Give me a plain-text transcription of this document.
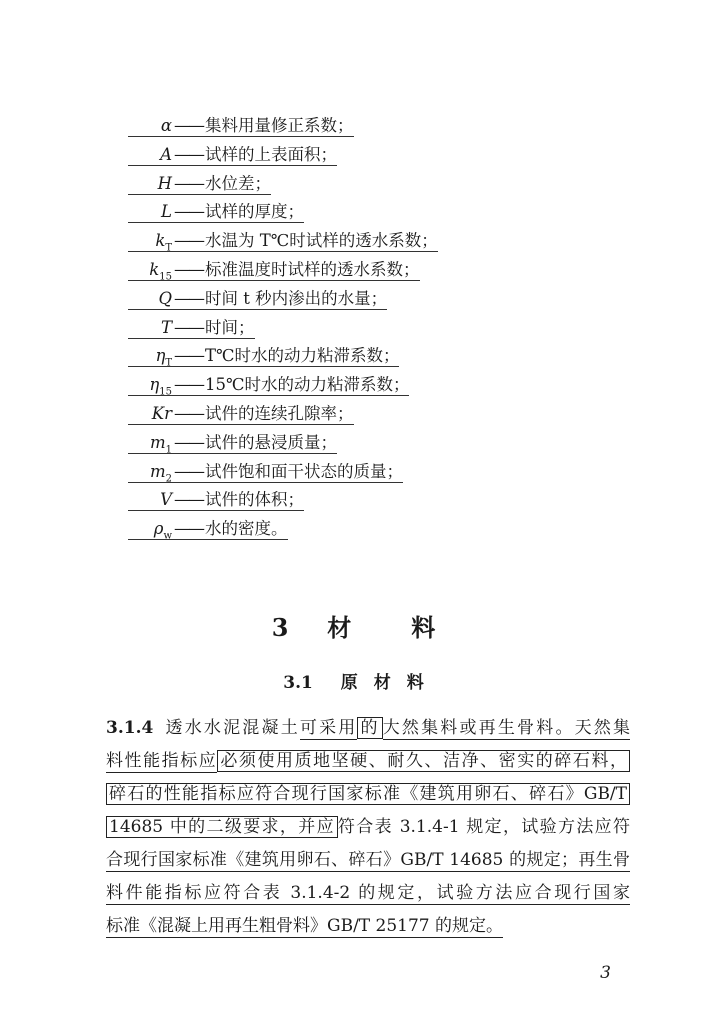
α —— 集料用量修正系数；
A —— 试样的上表面积；
H —— 水位差；
L —— 试样的厚度；
$k_T$ —— 水温为 T℃时试样的透水系数；
$k_{15}$ —— 标准温度时试样的透水系数；
Q —— 时间 t 秒内渗出的水量；
T —— 时间；
$\eta_T$ —— T℃时水的动力粘滞系数；
$\eta_{15}$ —— 15℃时水的动力粘滞系数；
Kr —— 试件的连续孔隙率；
$m_1$ —— 试件的悬浸质量；
$m_2$ —— 试件饱和面干状态的质量；
V —— 试件的体积；
$\rho_w$ —— 水的密度。
3 材	料
3.1 原 材 料
3.1.4 透水水泥混凝土可采用 的 大然集料或再生骨料。天然集
料性能指标应 必须使用质地坚硬、耐久、洁净、密实的碎石料，
碎石的性能指标应符合现行国家标准《建筑用卵石、碎石》GB/T
14685 中的二级要求，并应 符合表 3.1.4-1 规定，试验方法应符
合现行国家标准《建筑用卵石、碎石》GB/T 14685 的规定；再生骨
料件能指标应符合表 3.1.4-2 的规定，试验方法应合现行国家
标准《混凝上用再生粗骨料》GB/T 25177 的规定。
3
